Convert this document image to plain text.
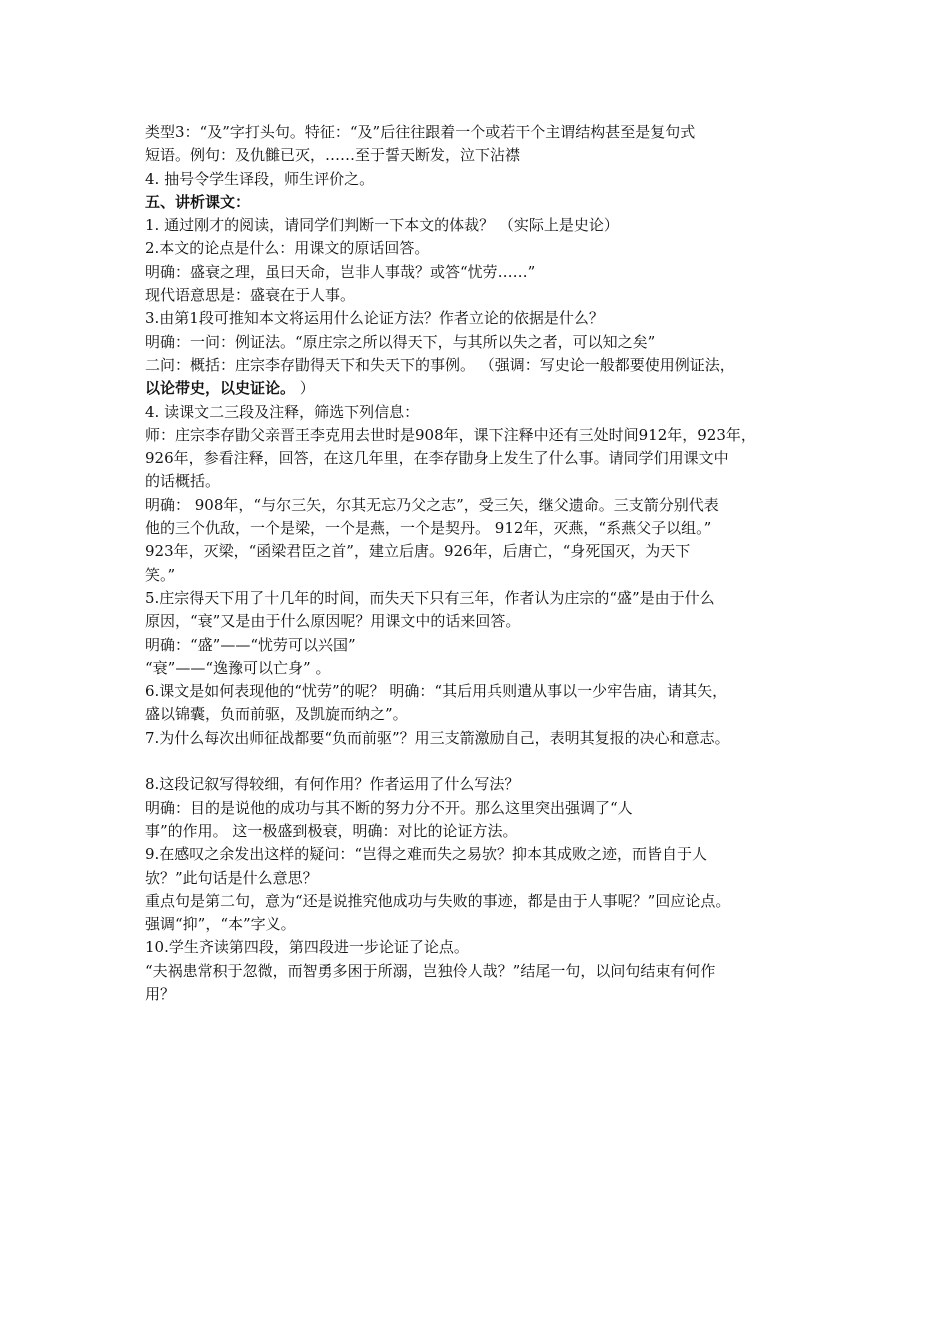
类型3：“及”字打头句。特征：“及”后往往跟着一个或若干个主谓结构甚至是复句式
短语。例句：及仇雠已灭，……至于誓天断发，泣下沾襟
4. 抽号令学生译段，师生评价之。
五、讲析课文：
1. 通过刚才的阅读，请同学们判断一下本文的体裁？ （实际上是史论）
2.本文的论点是什么：用课文的原话回答。
明确：盛衰之理，虽曰天命，岂非人事哉？或答“忧劳……”
现代语意思是：盛衰在于人事。
3.由第1段可推知本文将运用什么论证方法？作者立论的依据是什么？
明确：一问：例证法。“原庄宗之所以得天下，与其所以失之者，可以知之矣”
二问：概括：庄宗李存勖得天下和失天下的事例。 （强调：写史论一般都要使用例证法，
以论带史，以史证论。 ）
4. 读课文二三段及注释，筛选下列信息：
师：庄宗李存勖父亲晋王李克用去世时是908年，课下注释中还有三处时间912年，923年，
926年，参看注释，回答，在这几年里，在李存勖身上发生了什么事。请同学们用课文中
的话概括。
明确： 908年，“与尔三矢，尔其无忘乃父之志”，受三矢，继父遗命。三支箭分别代表
他的三个仇敌，一个是梁，一个是燕，一个是契丹。 912年，灭燕，“系燕父子以组。”
923年，灭梁，“函梁君臣之首”，建立后唐。926年，后唐亡，“身死国灭，为天下
笑。”
5.庄宗得天下用了十几年的时间，而失天下只有三年，作者认为庄宗的“盛”是由于什么
原因，“衰”又是由于什么原因呢？用课文中的话来回答。
明确：“盛”——“忧劳可以兴国”
“衰”——“逸豫可以亡身” 。
6.课文是如何表现他的“忧劳”的呢？ 明确：“其后用兵则遣从事以一少牢告庙，请其矢，
盛以锦囊，负而前驱，及凯旋而纳之”。
7.为什么每次出师征战都要“负而前驱”？用三支箭激励自己，表明其复报的决心和意志。
8.这段记叙写得较细，有何作用？作者运用了什么写法？
明确：目的是说他的成功与其不断的努力分不开。那么这里突出强调了“人
事”的作用。 这一极盛到极衰，明确：对比的论证方法。
9.在感叹之余发出这样的疑问：“岂得之难而失之易欤？抑本其成败之迹，而皆自于人
欤？”此句话是什么意思？
重点句是第二句，意为“还是说推究他成功与失败的事迹，都是由于人事呢？”回应论点。
强调“抑”，“本”字义。
10.学生齐读第四段，第四段进一步论证了论点。
“夫祸患常积于忽微，而智勇多困于所溺，岂独伶人哉？”结尾一句，以问句结束有何作
用？
